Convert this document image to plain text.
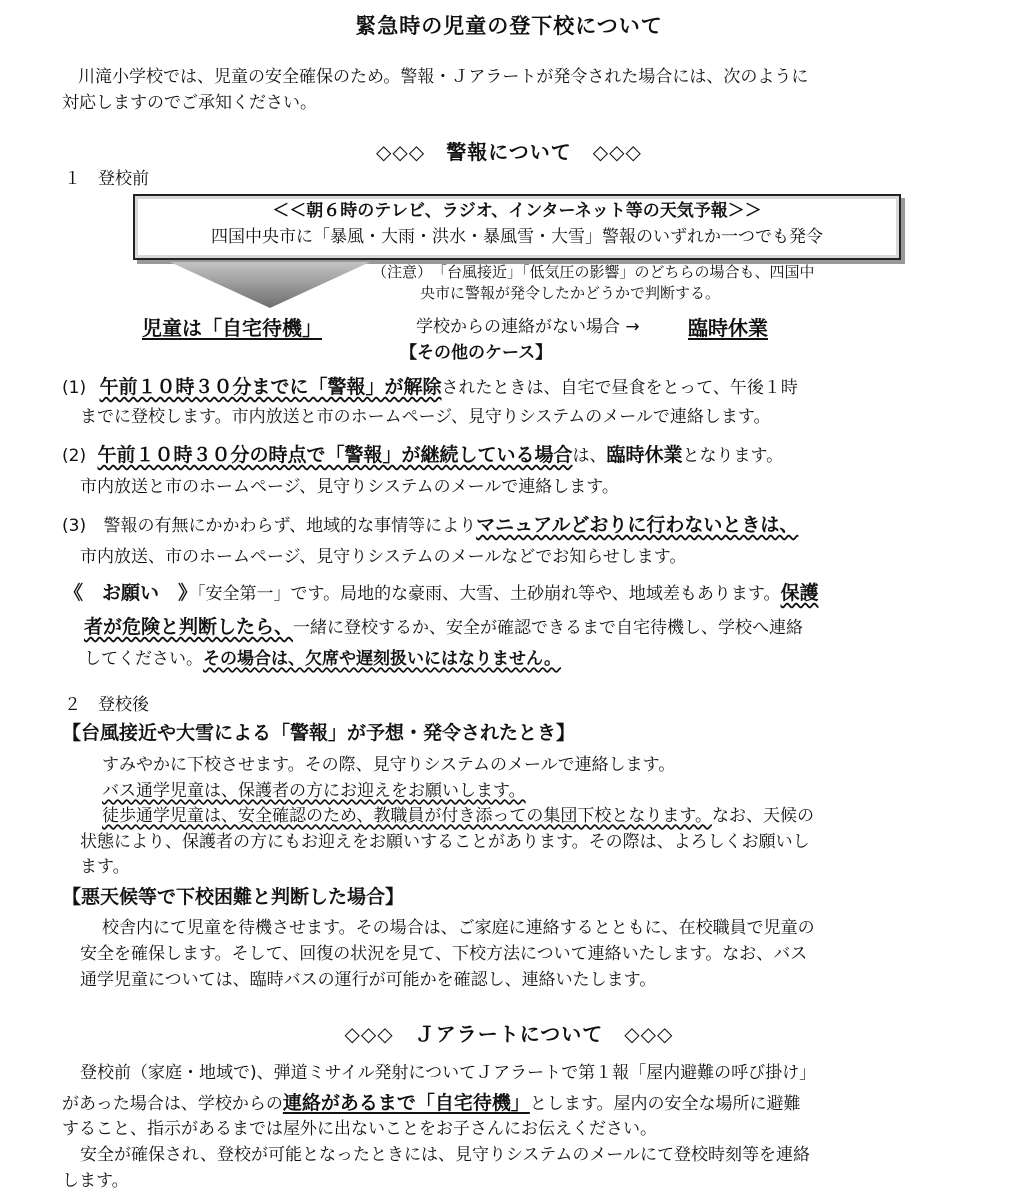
緊急時の児童の登下校について
川滝小学校では、児童の安全確保のため。警報・Ｊアラートが発令された場合には、次のように
対応しますのでご承知ください。
◇◇◇　警報について　◇◇◇
１　登校前
＜＜朝６時のテレビ、ラジオ、インターネット等の天気予報＞＞
四国中央市に「暴風・大雨・洪水・暴風雪・大雪」警報のいずれか一つでも発令
（注意）　「台風接近」「低気圧の影響」のどちらの場合も、四国中
央市に警報が発令したかどうかで判断する。
児童は「自宅待機」	学校からの連絡がない場合 → 臨時休業
【その他のケース】
(1) 午前１０時３０分までに「警報」が解除されたときは、自宅で昼食をとって、午後１時
までに登校します。市内放送と市のホームページ、見守りシステムのメールで連絡します。
(2) 午前１０時３０分の時点で「警報」が継続している場合は、臨時休業となります。
市内放送と市のホームページ、見守りシステムのメールで連絡します。
(3) 警報の有無にかかわらず、地域的な事情等によりマニュアルどおりに行わないときは、
市内放送、市のホームページ、見守りシステムのメールなどでお知らせします。
《　お願い　》「安全第一」です。局地的な豪雨、大雪、土砂崩れ等や、地域差もあります。保護
者が危険と判断したら、一緒に登校するか、安全が確認できるまで自宅待機し、学校へ連絡
してください。その場合は、欠席や遅刻扱いにはなりません。
２　登校後
【台風接近や大雪による「警報」が予想・発令されたとき】
すみやかに下校させます。その際、見守りシステムのメールで連絡します。
バス通学児童は、保護者の方にお迎えをお願いします。
徒歩通学児童は、安全確認のため、教職員が付き添っての集団下校となります。なお、天候の
状態により、保護者の方にもお迎えをお願いすることがあります。その際は、よろしくお願いし
ます。
【悪天候等で下校困難と判断した場合】
校舎内にて児童を待機させます。その場合は、ご家庭に連絡するとともに、在校職員で児童の
安全を確保します。そして、回復の状況を見て、下校方法について連絡いたします。なお、バス
通学児童については、臨時バスの運行が可能かを確認し、連絡いたします。
◇◇◇　Ｊアラートについて　◇◇◇
登校前（家庭・地域で)、弾道ミサイル発射についてＪアラートで第１報「屋内避難の呼び掛け」
があった場合は、学校からの連絡があるまで「自宅待機」とします。屋内の安全な場所に避難
すること、指示があるまでは屋外に出ないことをお子さんにお伝えください。
安全が確保され、登校が可能となったときには、見守りシステムのメールにて登校時刻等を連絡
します。
